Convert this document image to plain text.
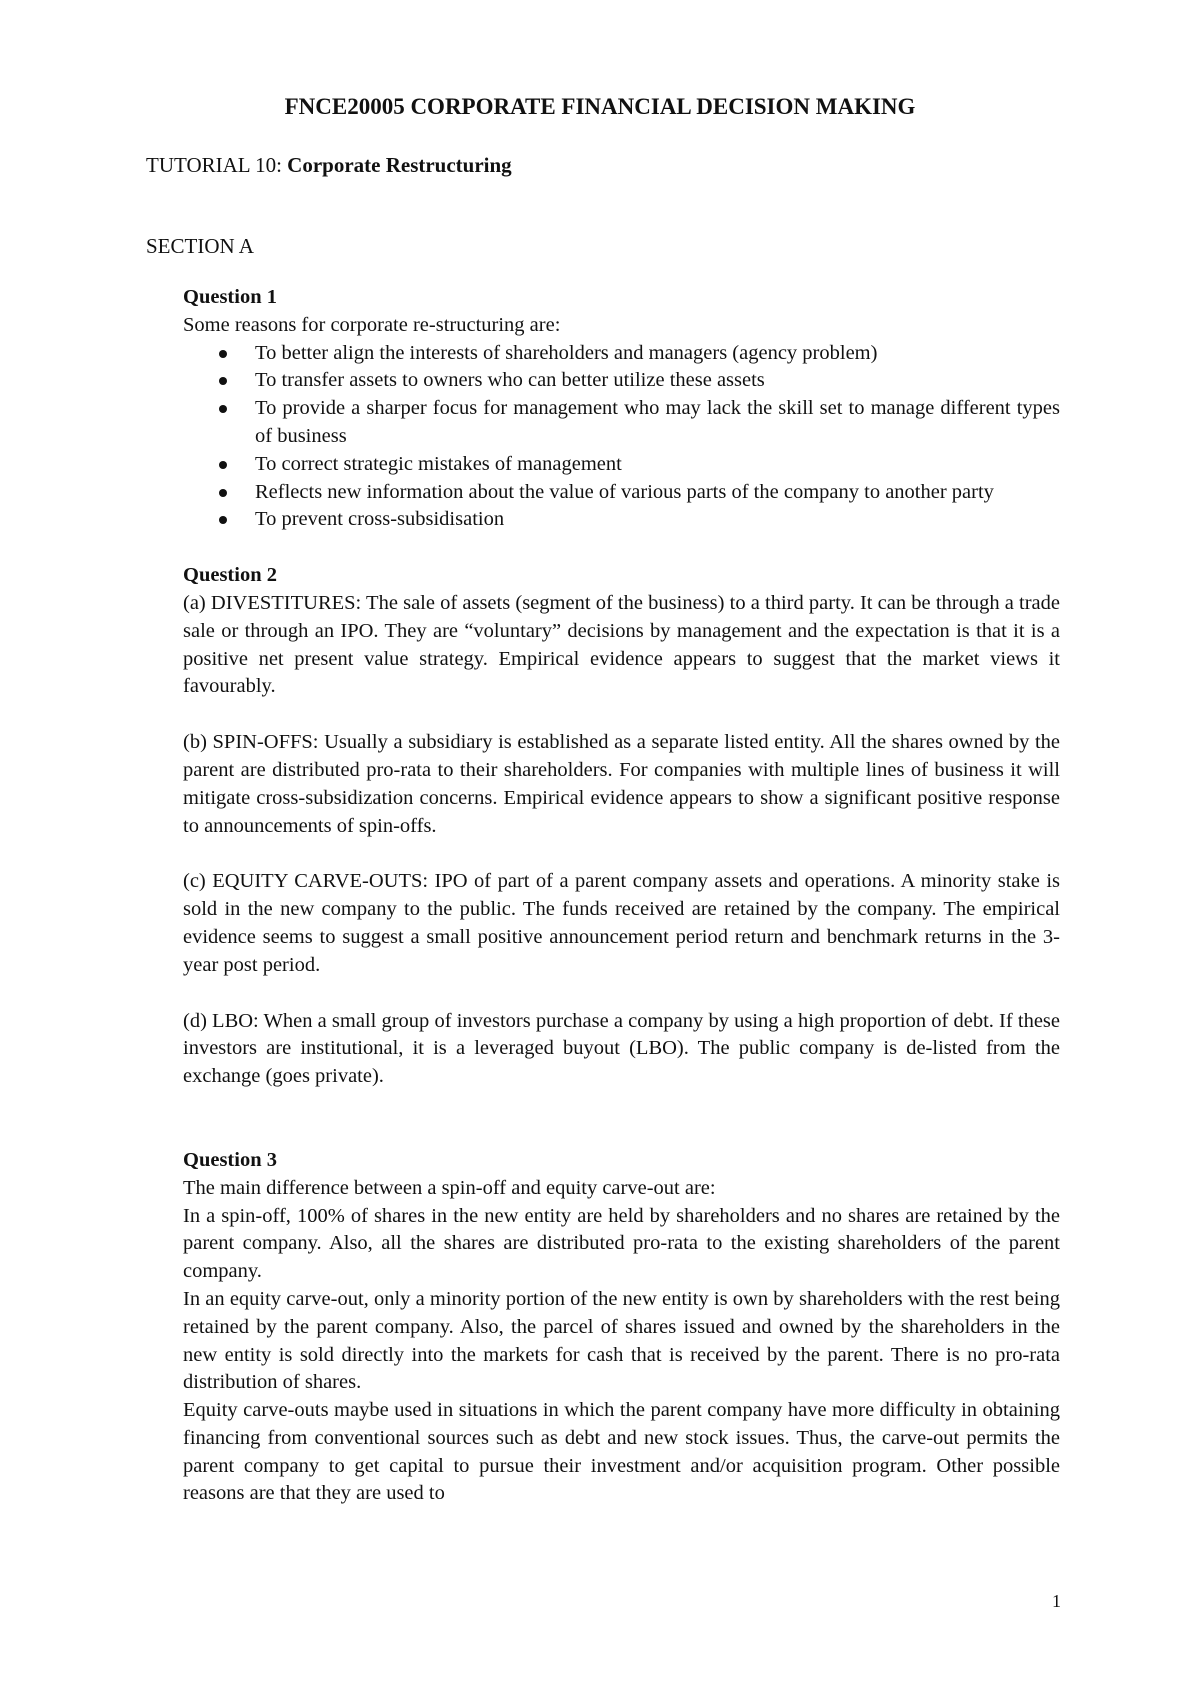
FNCE20005 CORPORATE FINANCIAL DECISION MAKING

TUTORIAL 10: Corporate Restructuring

SECTION A

Question 1

Some reasons for corporate re-structuring are:

To better align the interests of shareholders and managers (agency problem)
To transfer assets to owners who can better utilize these assets
To provide a sharper focus for management who may lack the skill set to manage different types of business
To correct strategic mistakes of management
Reflects new information about the value of various parts of the company to another party
To prevent cross-subsidisation

Question 2

(a) DIVESTITURES: The sale of assets (segment of the business) to a third party. It can be through a trade sale or through an IPO. They are “voluntary” decisions by management and the expectation is that it is a positive net present value strategy. Empirical evidence appears to suggest that the market views it favourably.

(b) SPIN-OFFS: Usually a subsidiary is established as a separate listed entity. All the shares owned by the parent are distributed pro-rata to their shareholders. For companies with multiple lines of business it will mitigate cross-subsidization concerns. Empirical evidence appears to show a significant positive response to announcements of spin-offs.

(c) EQUITY CARVE-OUTS: IPO of part of a parent company assets and operations. A minority stake is sold in the new company to the public. The funds received are retained by the company. The empirical evidence seems to suggest a small positive announcement period return and benchmark returns in the 3-year post period.

(d) LBO: When a small group of investors purchase a company by using a high proportion of debt. If these investors are institutional, it is a leveraged buyout (LBO). The public company is de-listed from the exchange (goes private).

Question 3

The main difference between a spin-off and equity carve-out are:

In a spin-off, 100% of shares in the new entity are held by shareholders and no shares are retained by the parent company. Also, all the shares are distributed pro-rata to the existing shareholders of the parent company.

In an equity carve-out, only a minority portion of the new entity is own by shareholders with the rest being retained by the parent company. Also, the parcel of shares issued and owned by the shareholders in the new entity is sold directly into the markets for cash that is received by the parent. There is no pro-rata distribution of shares.

Equity carve-outs maybe used in situations in which the parent company have more difficulty in obtaining financing from conventional sources such as debt and new stock issues. Thus, the carve-out permits the parent company to get capital to pursue their investment and/or acquisition program. Other possible reasons are that they are used to

1
